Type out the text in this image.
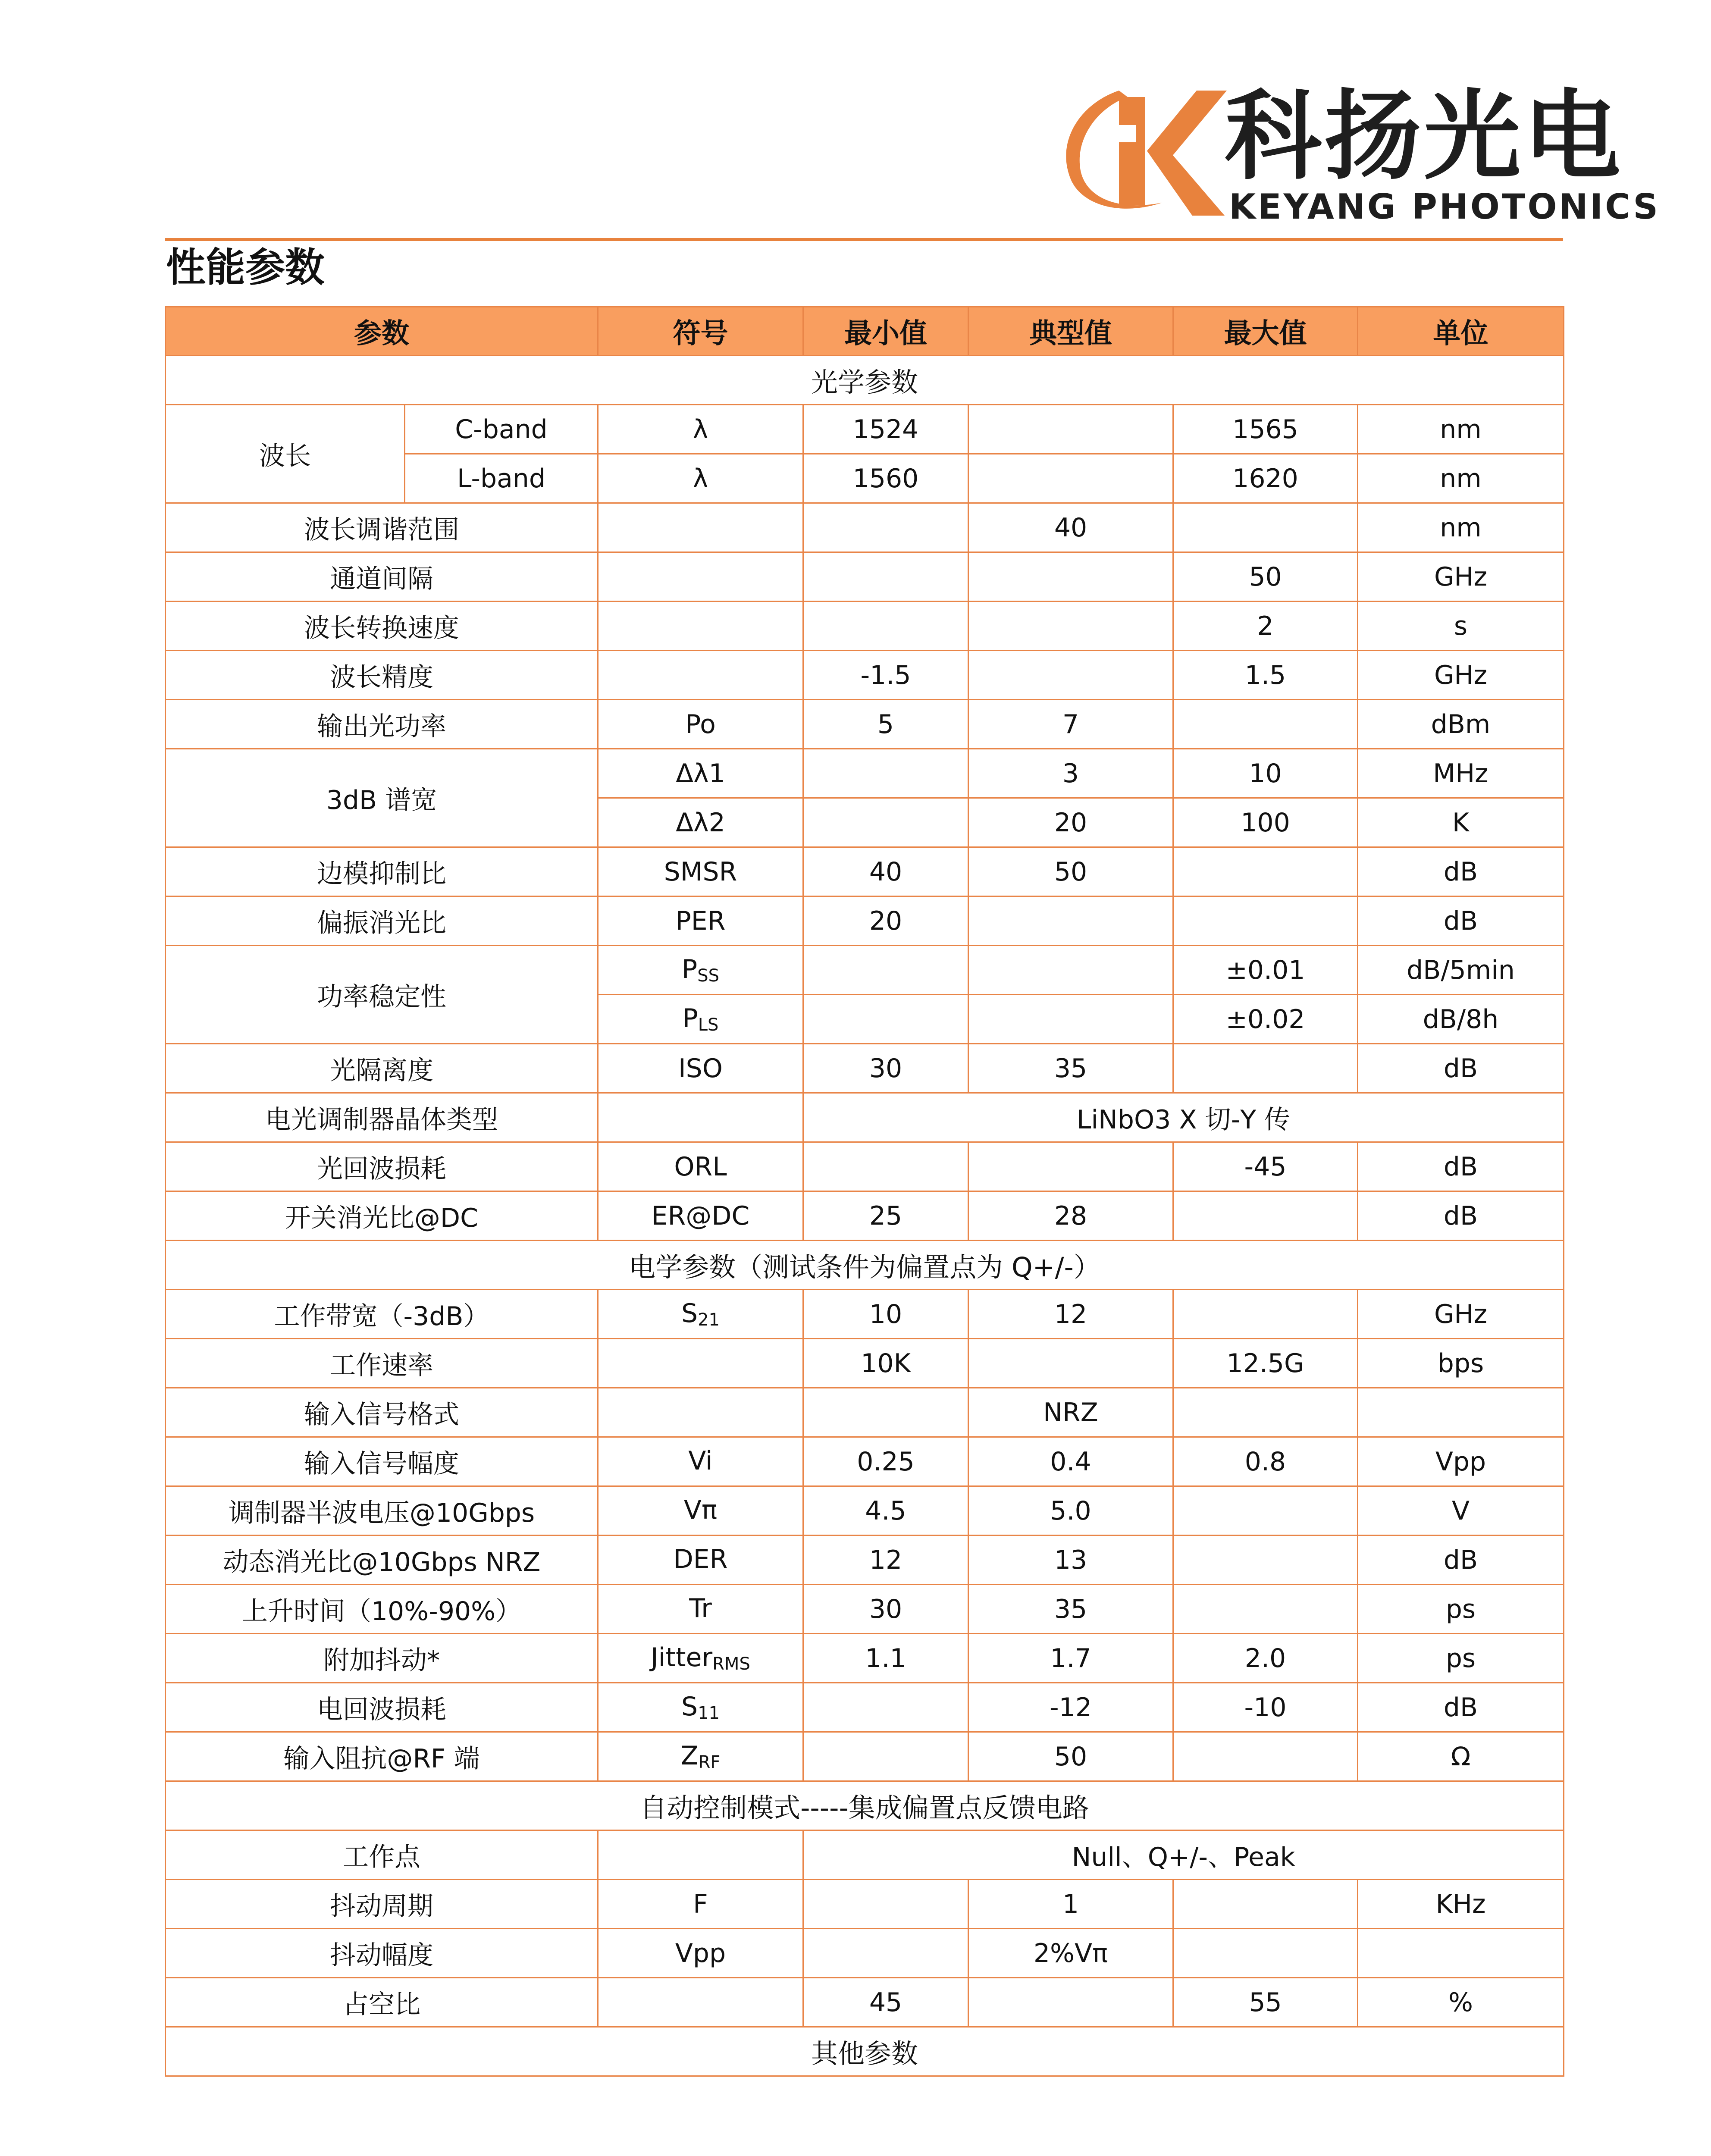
科扬光电
KEYANG PHOTONICS
性能参数
参数		符号	最小值	典型值	最大值	单位
光学参数						
波长	C-band	λ	1524		1565	nm
	L-band	λ	1560		1620	nm
波长调谐范围				40		nm
通道间隔					50	GHz
波长转换速度					2	s
波长精度			-1.5		1.5	GHz
输出光功率		Po	5	7		dBm
3dB 谱宽		Δλ1		3	10	MHz
		Δλ2		20	100	K
边模抑制比		SMSR	40	50		dB
偏振消光比		PER	20			dB
功率稳定性		$P_{SS}$			±0.01	dB/5min
		$P_{LS}$			±0.02	dB/8h
光隔离度		ISO	30	35		dB
电光调制器晶体类型			LiNbO3 X 切-Y 传			
光回波损耗		ORL			-45	dB
开关消光比@DC		ER@DC	25	28		dB
电学参数（测试条件为偏置点为 Q+/-）						
工作带宽（-3dB）		$S_{21}$	10	12		GHz
工作速率			10K		12.5G	bps
输入信号格式				NRZ		
输入信号幅度		Vi	0.25	0.4	0.8	Vpp
调制器半波电压@10Gbps		Vπ	4.5	5.0		V
动态消光比@10Gbps NRZ		DER	12	13		dB
上升时间（10%-90%）		Tr	30	35		ps
附加抖动*		Jitter$_{RMS}$	1.1	1.7	2.0	ps
电回波损耗		$S_{11}$		-12	-10	dB
输入阻抗@RF 端		$Z_{RF}$		50		Ω
自动控制模式-----集成偏置点反馈电路						
工作点			Null、Q+/-、Peak			
抖动周期		F		1		KHz
抖动幅度		Vpp		2%Vπ		
占空比			45		55	%
其他参数						
